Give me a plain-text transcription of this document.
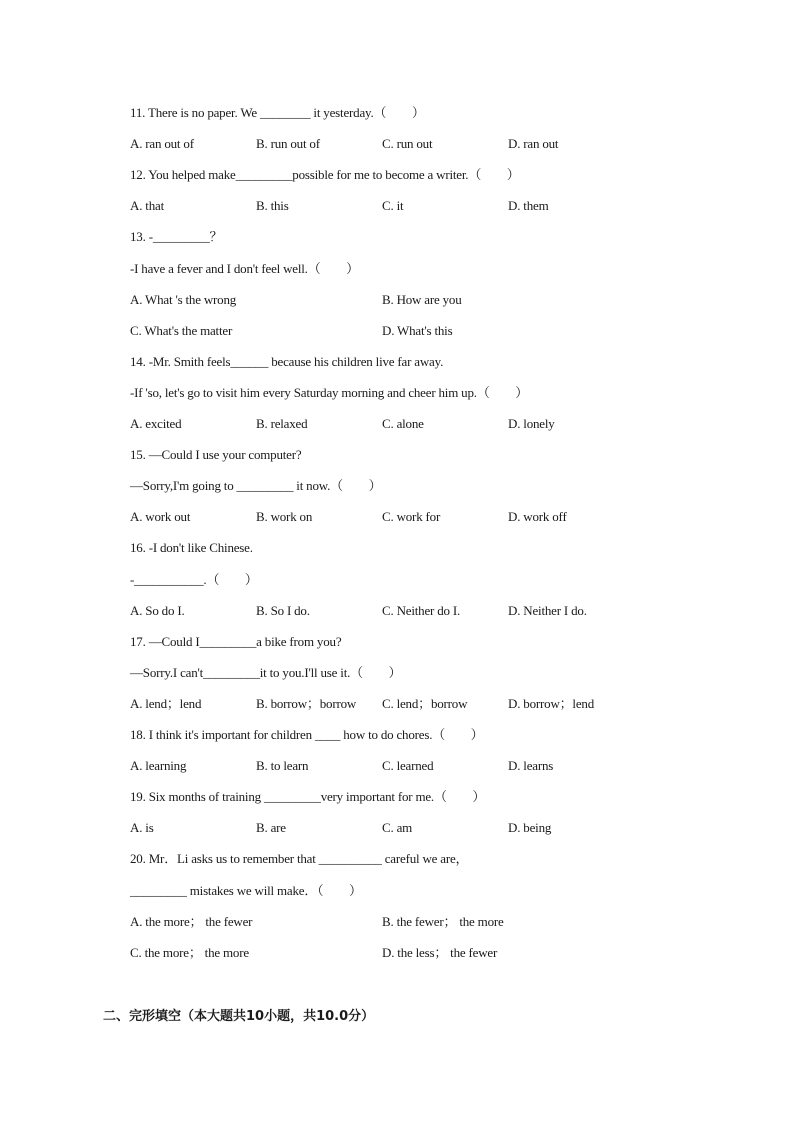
11. There is no paper. We ________ it yesterday.（　　）
A. ran out of	B. run out of	C. run out	D. ran out
12. You helped make_________possible for me to become a writer.（　　）
A. that	B. this	C. it	D. them
13. -_________？
-I have a fever and I don't feel well.（　　）
A. What 's the wrong	B. How are you
C. What's the matter	D. What's this
14. -Mr. Smith feels______ because his children live far away.
-If 'so, let's go to visit him every Saturday morning and cheer him up.（　　）
A. excited	B. relaxed	C. alone	D. lonely
15. —Could I use your computer?
—Sorry,I'm going to _________ it now.（　　）
A. work out	B. work on	C. work for	D. work off
16. -I don't like Chinese.
-___________.（　　）
A. So do I.	B. So I do.	C. Neither do I.	D. Neither I do.
17. —Could I_________a bike from you?
—Sorry.I can't_________it to you.I'll use it.（　　）
A. lend；lend	B. borrow；borrow C. lend；borrow	D. borrow；lend
18. I think it's important for children ____ how to do chores.（　　）
A. learning	B. to learn	C. learned	D. learns
19. Six months of training _________very important for me.（　　）
A. is	B. are	C. am	D. being
20. Mr．Li asks us to remember that __________ careful we are，
_________ mistakes we will make．（　　）
A. the more； the fewer	B. the fewer； the more
C. the more； the more	D. the less； the fewer
二、完形填空（本大题共10小题，共10.0分）
